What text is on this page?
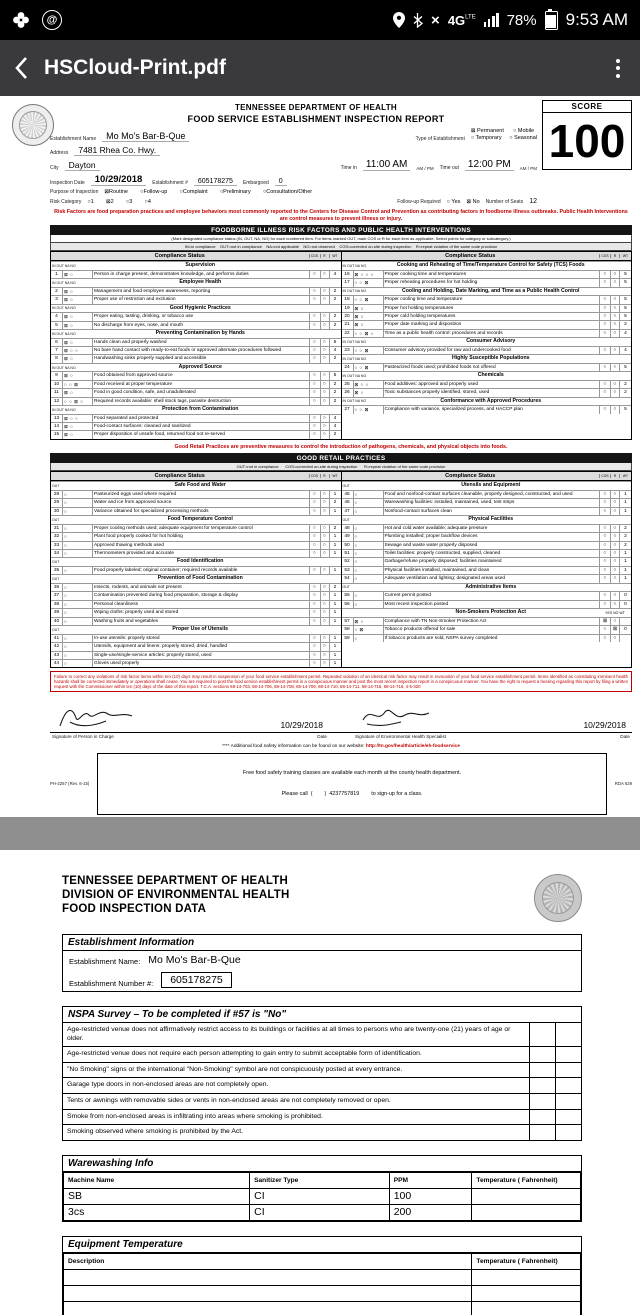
@	× $4G^{LTE}$ 78% 9:53 AM
HSCloud-Print.pdf
SCORE
100
TENNESSEE DEPARTMENT OF HEALTH
FOOD SERVICE ESTABLISHMENT INSPECTION REPORT
Establishment Name	Mo Mo's Bar-B-Que	Type of Establishment
⊠ Permanent      ○ Mobile
○ Temporary     ○ Seasonal
Address	7481 Rhea Co. Hwy.
City	Dayton	Time in 11:00 AM	AM / PM Time out 12:00 PM	AM / PM
Inspection Date	10/29/2018	Establishment #	605178275	Embargoed	0
Purpose of Inspection ⊠Routine        ○Follow-up        ○Complaint        ○Preliminary        ○Consultation/Other
Risk Category ○1        ⊠2        ○3        ○4	Follow-up Required ○ Yes    ⊠ No Number of Seats 12
Risk Factors are food preparation practices and employee behaviors most commonly reported to the Centers for Disease Control and Prevention as contributing factors in foodborne illness outbreaks. Public Health Interventions are control measures to prevent illness or injury.
FOODBORNE ILLNESS RISK FACTORS AND PUBLIC HEALTH INTERVENTIONS
(Mark designated compliance status (IN, OUT, NA, NO) for each numbered item. For items marked OUT, mark COS or R for each item as applicable. Select points for category or subcategory.)
IN=in compliance    OUT=not in compliance    NA=not applicable    NO=not observed    COS=corrected on-site during inspection    R=repeat violation of the same code provision
Compliance Status	COS	R	WT
IN OUT NA NO	Supervision
1	⊠ ○	Person in charge present, demonstrates knowledge, and performs duties	○	○	4
IN OUT NA NO	Employee Health
2	⊠ ○	Management and food employee awareness, reporting	○	○	2
3	⊠ ○	Proper use of restriction and exclusion	○	○	2
IN OUT NA NO	Good Hygienic Practices
4	⊠ ○	Proper eating, tasting, drinking, or tobacco use	○	○	2
5	⊠ ○	No discharge from eyes, nose, and mouth	○	○	2
IN OUT NA NO	Preventing Contamination by Hands
6	⊠ ○	Hands clean and properly washed	○	○	5
7	⊠ ○ ○	No bare hand contact with ready-to-eat foods or approved alternate procedures followed	○	○	4
8	⊠ ○	Handwashing sinks properly supplied and accessible	○	○	2
IN OUT NA NO	Approved Source
9	⊠ ○	Food obtained from approved source	○	○	5
10	○ ○ ⊠	Food received at proper temperature	○	○	2
11	⊠ ○	Food in good condition, safe, and unadulterated	○	○	2
12	○ ○ ⊠ ○	Required records available: shell stock tags, parasite destruction	○	○	2
IN OUT NA NO	Protection from Contamination
13	⊠ ○ ○	Food separated and protected	○	○	4
14	⊠ ○	Food-contact surfaces: cleaned and sanitized	○	○	4
15	⊠ ○	Proper disposition of unsafe food, returned food not re-served	○	○	2
Compliance Status	COS	R	WT
IN OUT NA NO	Cooking and Reheating of Time/Temperature Control for Safety (TCS) Foods
16	⊠ ○ ○ ○	Proper cooking time and temperatures	○	○	5
17	○ ○ ⊠	Proper reheating procedures for hot holding	○	○	5
IN OUT NA NO	Cooling and Holding, Date Marking, and Time as a Public Health Control
18	○ ○ ⊠	Proper cooling time and temperature	○	○	5
19	⊠ ○	Proper hot holding temperatures	○	○	5
20	⊠ ○	Proper cold holding temperatures	○	○	5
21	⊠ ○	Proper date marking and disposition	○	○	2
22	○ ○ ⊠ ○	Time as a public health control: procedures and records	○	○	4
IN OUT NA NO	Consumer Advisory
23	○ ○ ⊠	Consumer advisory provided for raw and undercooked food	○	○	4
IN OUT NA NO	Highly Susceptible Populations
24	○ ○ ⊠	Pasteurized foods used; prohibited foods not offered	○	○	5
IN OUT NA NO	Chemicals
25	⊠ ○ ○	Food additives: approved and properly used	○	○	2
26	⊠ ○	Toxic substances properly identified, stored, used	○	○	2
IN OUT NA NO	Conformance with Approved Procedures
27	○ ○ ⊠	Compliance with variance, specialized process, and HACCP plan	○	○	5
Good Retail Practices are preventive measures to control the introduction of pathogens, chemicals, and physical objects into foods.
GOOD RETAIL PRACTICES
OUT=not in compliance      COS=corrected on-site during inspection      R=repeat violation of the same code provision
Compliance Status	COS	R	WT
OUT	Safe Food and Water
28	○	Pasteurized eggs used where required	○	○	1
29	○	Water and ice from approved source	○	○	2
30	○	Variance obtained for specialized processing methods	○	○	1
OUT	Food Temperature Control
31	○	Proper cooling methods used; adequate equipment for temperature control	○	○	2
32	○	Plant food properly cooked for hot holding	○	○	1
33	○	Approved thawing methods used	○	○	1
34	○	Thermometers provided and accurate	○	○	1
OUT	Food Identification
35	○	Food properly labeled; original container; required records available	○	○	1
OUT	Prevention of Food Contamination
36	○	Insects, rodents, and animals not present	○	○	2
37	○	Contamination prevented during food preparation, storage & display	○	○	1
38	○	Personal cleanliness	○	○	1
39	○	Wiping cloths: properly used and stored	○	○	1
40	○	Washing fruits and vegetables	○	○	1
OUT	Proper Use of Utensils
41	○	In-use utensils: properly stored	○	○	1
42	○	Utensils, equipment and linens: properly stored, dried, handled	○	○	1
43	○	Single-use/single-service articles: properly stored, used	○	○	1
44	○	Gloves used properly	○	○	1
Compliance Status	COS	R	WT
OUT	Utensils and Equipment
45	○	Food and nonfood-contact surfaces cleanable, properly designed, constructed, and used	○	○	1
46	○	Warewashing facilities: installed, maintained, used; test strips	○	○	1
47	○	Nonfood-contact surfaces clean	○	○	1
OUT	Physical Facilities
48	○	Hot and cold water available; adequate pressure	○	○	2
49	○	Plumbing installed; proper backflow devices	○	○	2
50	○	Sewage and waste water properly disposed	○	○	2
51	○	Toilet facilities: properly constructed, supplied, cleaned	○	○	1
52	○	Garbage/refuse properly disposed; facilities maintained	○	○	1
53	○	Physical facilities installed, maintained, and clean	○	○	1
54	○	Adequate ventilation and lighting; designated areas used	○	○	1
OUT	Administrative Items
55	○	Current permit posted	○	○	0
56	○	Most recent inspection posted	○	○	0
Non-Smokers Protection Act	YES NO WT
57	⊠ ○	Compliance with TN Non-Smoker Protection Act	⊠	○
58	○ ⊠	Tobacco products offered for sale	○	⊠	0
59	○	If tobacco products are sold, NSPA survey completed	○	○
Failure to correct any violations of risk factor items within ten (10) days may result in suspension of your food service establishment permit. Repeated violation of an identical risk factor may result in revocation of your food service establishment permit. Items identified as constituting imminent health hazards shall be corrected immediately or operations shall cease. You are required to post the food service establishment permit in a conspicuous manner and post the most recent inspection report in a conspicuous manner. You have the right to request a hearing regarding this report by filing a written request with the Commissioner within ten (10) days of the date of this report. T.C.A. sections 68-14-703, 68-14-706, 68-14-708, 68-14-709, 68-14-710, 68-14-711, 68-14-715, 68-14-716, 4-5-320
10/29/2018	10/29/2018
Signature of Person in Charge	Date	Signature of Environmental Health Specialist	Date
**** Additional food safety information can be found on our website: http://tn.gov/health/article/eh-foodservice
PH-2267 (Rev. 6-15)

Free food safety training classes are available each month at the county health department.

Please call  (        )  4237757819        to sign-up for a class.

RDA 629
TENNESSEE DEPARTMENT OF HEALTH
DIVISION OF ENVIRONMENTAL HEALTH
FOOD INSPECTION DATA
Establishment Information
Establishment Name: Mo Mo's Bar-B-Que
Establishment Number #:	605178275
NSPA Survey – To be completed if #57 is "No"
Age-restricted venue does not affirmatively restrict access to its buildings or facilities at all times to persons who are twenty-one (21) years of age or older.
Age-restricted venue does not require each person attempting to gain entry to submit acceptable form of identification.
"No Smoking" signs or the international "Non-Smoking" symbol are not conspicuously posted at every entrance.
Garage type doors in non-enclosed areas are not completely open.
Tents or awnings with removable sides or vents in non-enclosed areas are not completely removed or open.
Smoke from non-enclosed areas is infiltrating into areas where smoking is prohibited.
Smoking observed where smoking is prohibited by the Act.
Warewashing Info
Machine Name	Sanitizer Type	PPM	Temperature ( Fahrenheit)
SB	CI	100	
3cs	CI	200	
Equipment Temperature
Description	Temperature ( Fahrenheit)
